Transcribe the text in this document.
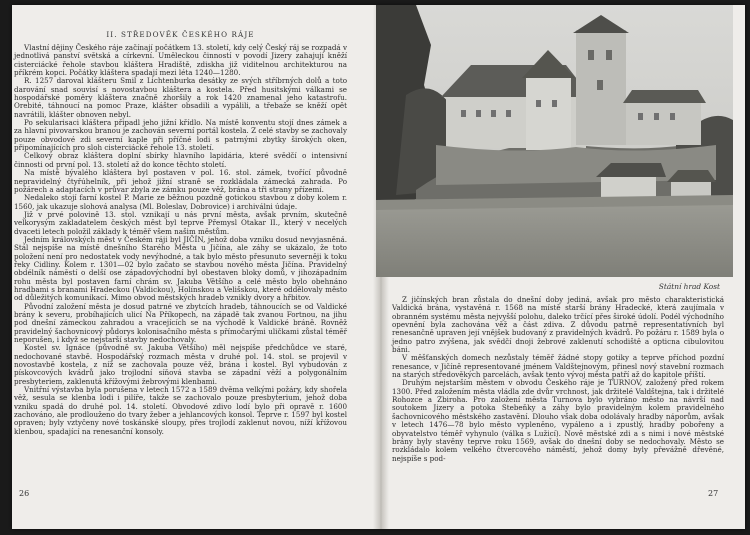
II. STŘEDOVĚK ČESKÉHO RÁJE

Vlastní dějiny Českého ráje začínají počátkem 13. století, kdy celý Český ráj se rozpadá v jednotlivá panství světská a církevní. Uměleckou činností v povodí Jizery zahajují kněží cisterciácké řehole stavbou kláštera Hradiště, zdiskha již viditelnou architekturou na příkrém kopci. Počátky kláštera spadají mezi léta 1240—1280.

R. 1257 daroval klášteru Smil z Lichtenburka desátky ze svých stříbrných dolů a toto darování snad souvisí s novostavbou kláštera a kostela. Před husitskými válkami se hospodářské poměry kláštera značně zhoršily a rok 1420 znamenal jeho katastrofu. Orebité, táhnoucí na pomoc Praze, klášter obsadili a vypálili, a třebaže se kněží opět navrátili, klášter obnoven nebyl.

Po sekularisaci kláštera připadl jeho jižní křídlo. Na místě konventu stojí dnes zámek a za hlavní pivovarskou branou je zachován severní portál kostela. Z celé stavby se zachovaly pouze obvodové zdi severní kaple při příčné lodi s patrnými zbytky širokých oken, připomínajících pro sloh cisterciácké řehole 13. století.

Celkový obraz kláštera doplní sbírky hlavního lapidária, které svědčí o intensivní činnosti od první pol. 13. století až do konce těchto století.

Na místě bývalého kláštera byl postaven v pol. 16. stol. zámek, tvořící původně nepravidelný čtyřúhelník, při jehož jižní straně se rozkládala zámecká zahrada. Po požárech a adaptacích v průvar zbyla ze zámku pouze věž, brána a tři strany přízemí.

Nedaleko stojí farní kostel P. Marie ze běžnou pozdně gotickou stavbou z doby kolem r. 1560, jak ukazuje slohová analysa (Ml. Boleslav, Dobrovice) i archiválni údaje.

Již v prvé polovině 13. stol. vznikají u nás první města, avšak prvním, skutečně velkorysým zakladatelem českých měst byl teprve Přemysl Otakar II., který v necelých dvaceti letech položil základy k téměř všem našim městům.

Jedním královských měst v Českém ráji byl JIČÍN, jehož doba vzniku dosud nevyjasněná. Stál nejspíše na místě dnešního Starého Města u Jičína, ale záhy se ukázalo, že toto položení není pro nedostatek vody nevýhodné, a tak bylo město přesunuto severněji k toku řeky Cidliny. Kolem r. 1301—02 bylo začato se stavbou nového města Jičína. Pravidelný obdélník náměstí o delší ose západovýchodní byl obestaven bloky domů, v jihozápadním rohu města byl postaven farní chrám sv. Jakuba Většího a celé město bylo obehnáno hradbami s branami Hradeckou (Valdickou), Holínskou a Velišskou, které oddělovaly město od důležitých komunikací. Mimo obvod městských hradeb vznikly dvory a hřbitov.

Původní založení města je dosud patrné ve zbytcích hradeb, táhnoucích se od Valdické brány k severu, probíhajících ulicí Na Příkopech, na západě tak zvanou Fortnou, na jihu pod dnešní zámeckou zahradou a vracejících se na východě k Valdické bráně. Rovněž pravidelný šachovnicový půdorys kolonisačního města s přímočarými uličkami zůstal téměř neporušen, i když se nejstarší stavby nedochovaly.

Kostel sv. Ignáce (původně sv. Jakuba Většího) měl nejspíše předchůdce ve staré, nedochované stavbě. Hospodářský rozmach města v druhé pol. 14. stol. se projevil v novostavbě kostela, z níž se zachovala pouze věž, brána i kostel. Byl vybudován z pískovcových kvádrů jako trojlodní síňová stavba se západní věží a polygonálním presbyteriem, zaklenutá křížovými žebrovými klenbami.

Vnitřní výstavba byla porušena v letech 1572 a 1589 dvěma velkými požáry, kdy shořela věž, sesula se klenba lodi i pilíře, takže se zachovalo pouze presbyterium, jehož doba vzniku spadá do druhé pol. 14. století. Obvodové zdivo lodí bylo při opravě r. 1600 zachováno, ale prodlouženo do tvary žeber a jehlancových konsol. Teprve r. 1597 byl kostel opraven; byly vztyčeny nové toskánské sloupy, přes trojlodí zaklenut novou, níží křížovou klenbou, spadající na renesanční konsoly.

26
Státní hrad Kost

Z jičínských bran zůstala do dnešní doby jediná, avšak pro město charakteristická Valdická brána, vystavěná r. 1568 na místě starší brány Hradecké, která zaujímala v obranném systému města nejvyšší polohu, daleko trčící přes široké údolí. Podél východního opevnění byla zachována věž a část zdiva. Z důvodu patrně representativních byl renesančně upraven její vnějšek budovaný z pravidelných kvádrů. Po požáru r. 1589 byla o jedno patro zvýšena, jak svědčí dnoji žebrové zaklenutí schodiště a opticna cibulovitou báni.

V měšťanských domech nezůstaly téměř žádné stopy gotiky a teprve příchod pozdní renesance, v Jičíně representované jménem Valdštejnovým, přinesl nový stavební rozmach na starých středověkých parcelách, avšak tento vývoj města patří až do kapitole příští.

Druhým nejstarším městem v obvodu Českého ráje je TURNOV, založený před rokem 1300. Před založením města vládla zde dvůr vrchnost, jak držitelé Valdštejna, tak i držitelé Rohozce a Zbiroha. Pro založení města Turnova bylo vybráno město na návrší nad soutokem Jizery a potoka Stebeňky a záhy bylo pravidelným kolem pravidelného šachovnicového městského zastavění. Dlouho však doba odolávaly hradby náporům, avšak v letech 1476—78 bylo město vypleněno, vypáleno a i zpustlý, hradby pobořeny a obyvatelstvo téměř vyhynulo (válka s Lužicí). Nově městské zdi a s nimi i nové městské brány byly stavěny teprve roku 1569, avšak do dnešní doby se nedochovaly. Město se rozkládalo kolem velkého čtvercového náměstí, jehož domy byly převážně dřevěné, nejspíše s pod-

27
